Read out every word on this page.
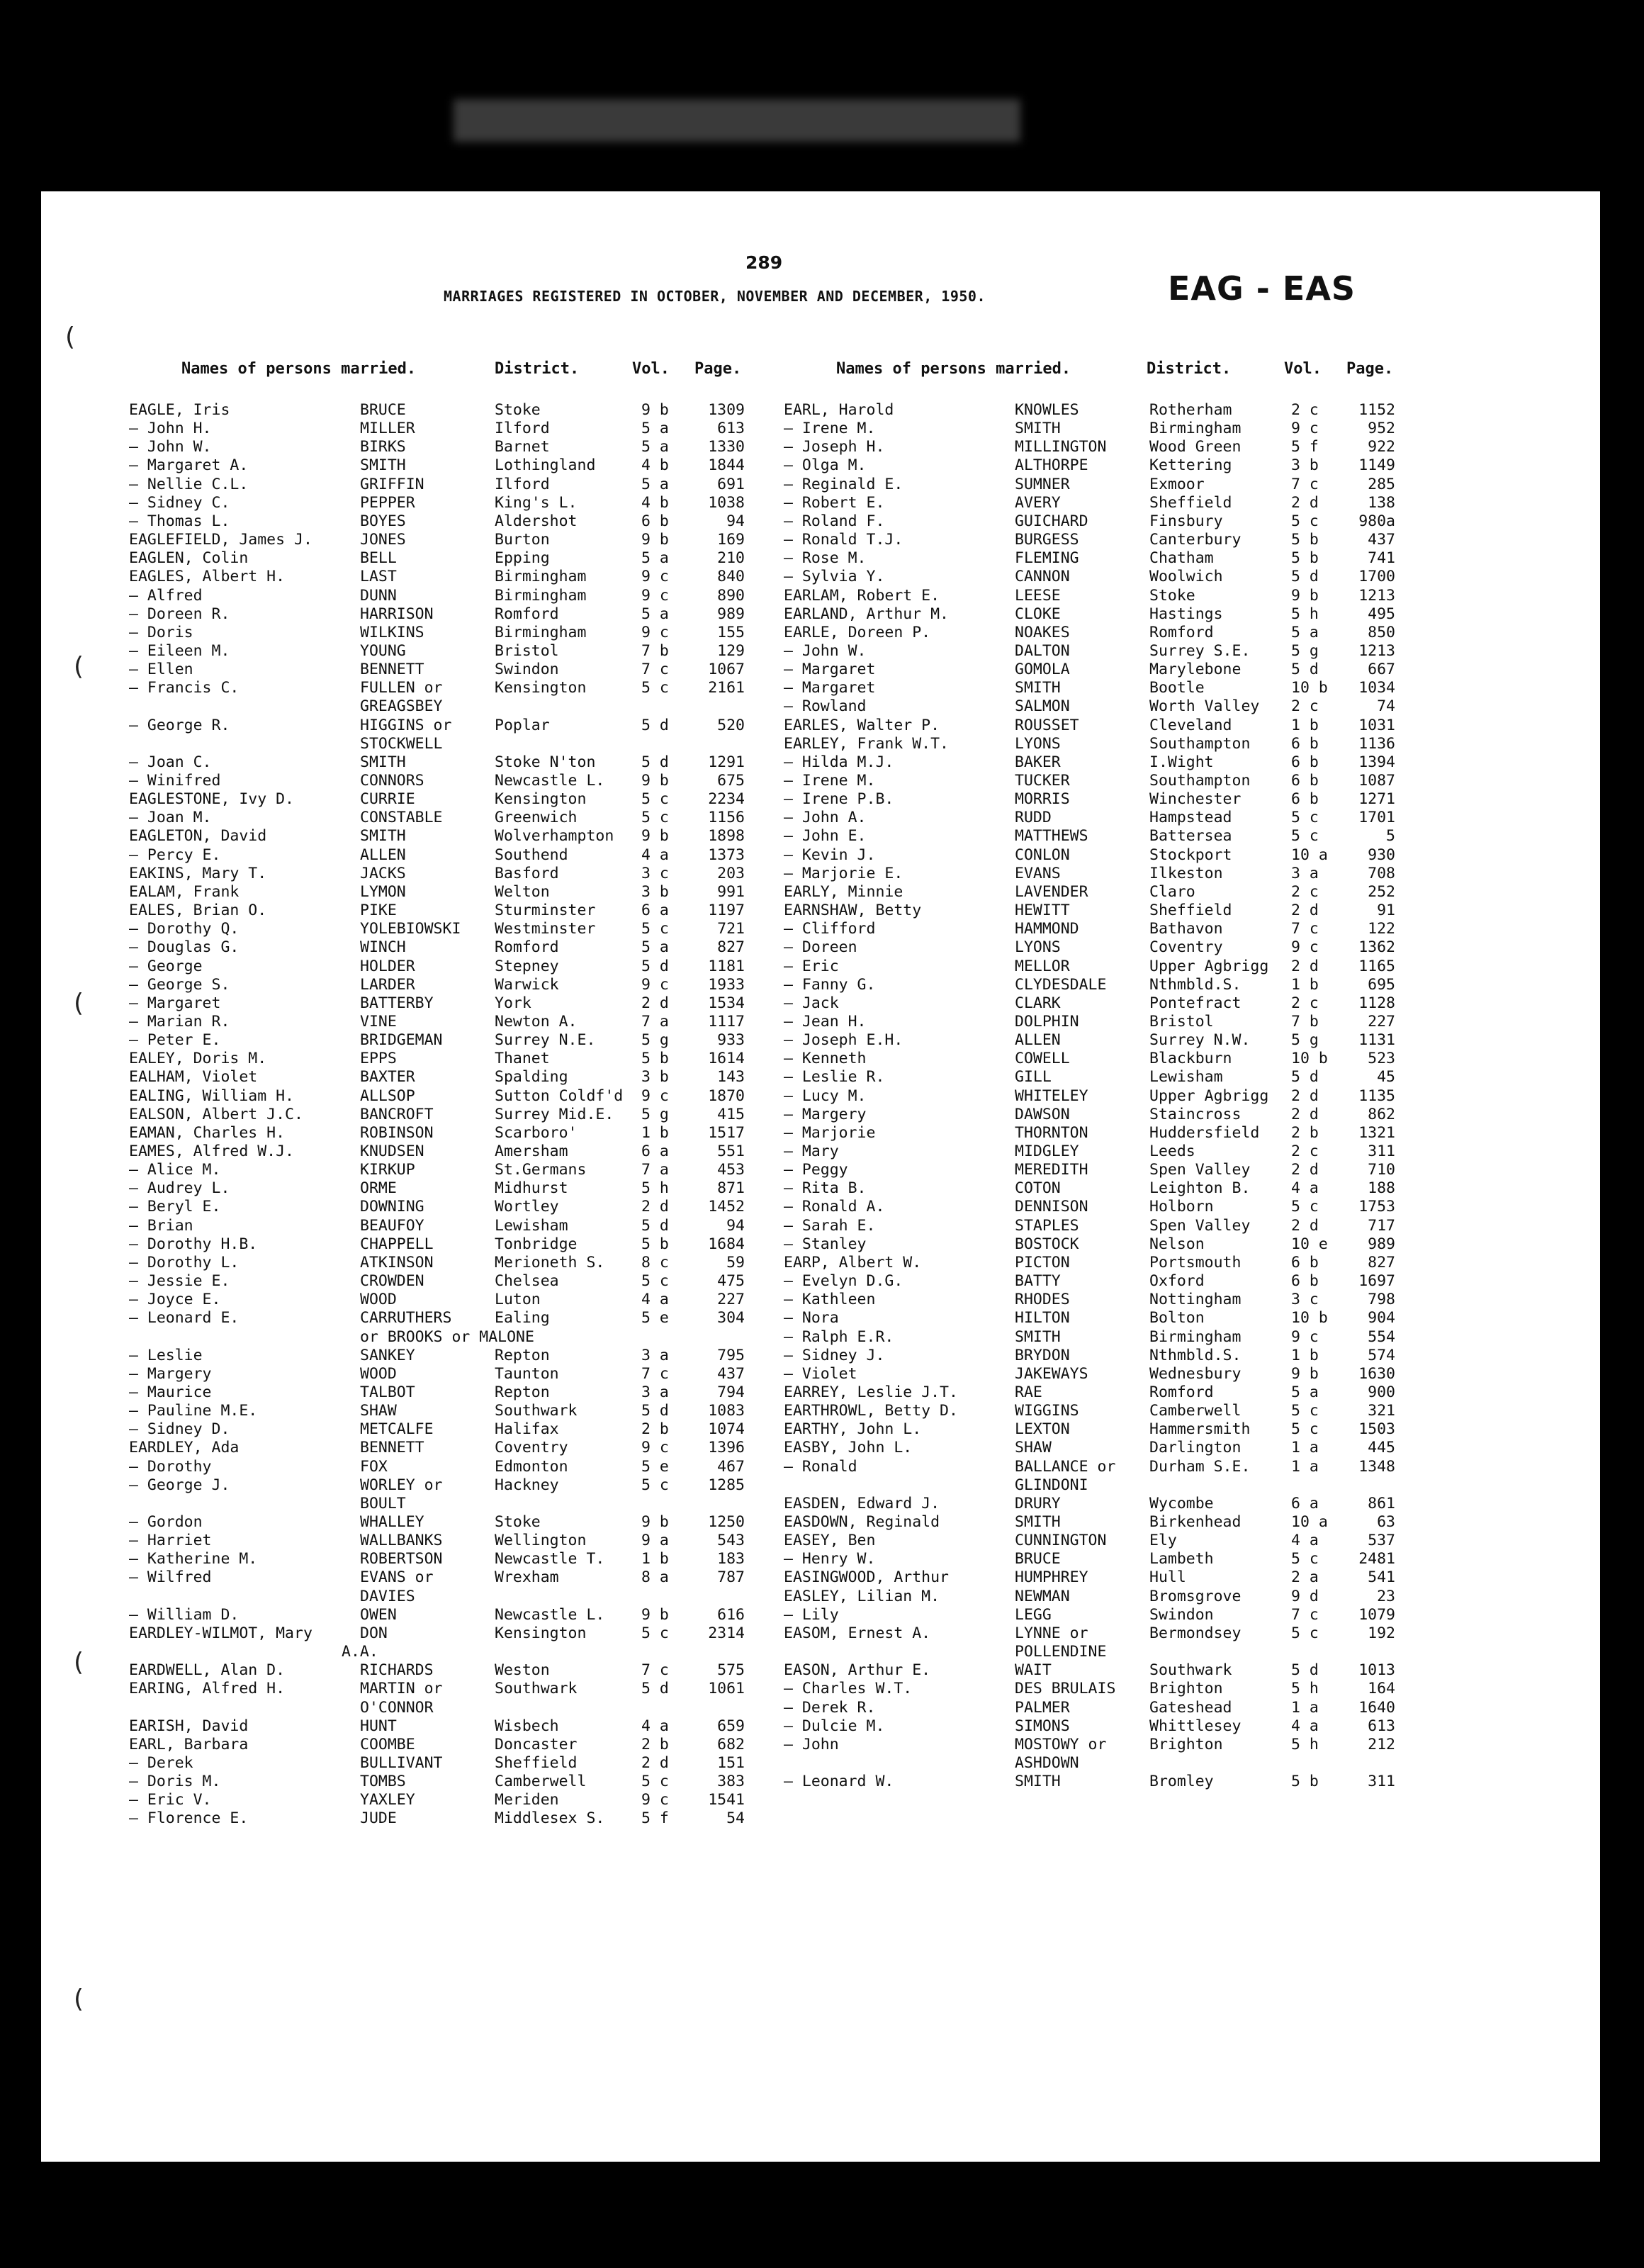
(
(
(
(
(
289
MARRIAGES REGISTERED IN OCTOBER, NOVEMBER AND DECEMBER, 1950.	EAG - EAS
Names of persons married.	District.	Vol. Page.	Names of persons married.	District.	Vol. Page.
EAGLE, Iris	BRUCE	Stoke	9 b	1309
— John H.	MILLER	Ilford	5 a	613
— John W.	BIRKS	Barnet	5 a	1330
— Margaret A.	SMITH	Lothingland	4 b	1844
— Nellie C.L.	GRIFFIN	Ilford	5 a	691
— Sidney C.	PEPPER	King's L.	4 b	1038
— Thomas L.	BOYES	Aldershot	6 b	94
EAGLEFIELD, James J.	JONES	Burton	9 b	169
EAGLEN, Colin	BELL	Epping	5 a	210
EAGLES, Albert H.	LAST	Birmingham	9 c	840
— Alfred	DUNN	Birmingham	9 c	890
— Doreen R.	HARRISON	Romford	5 a	989
— Doris	WILKINS	Birmingham	9 c	155
— Eileen M.	YOUNG	Bristol	7 b	129
— Ellen	BENNETT	Swindon	7 c	1067
— Francis C.	FULLEN or	Kensington	5 c	2161
GREAGSBEY
— George R.	HIGGINS or	Poplar	5 d	520
STOCKWELL
— Joan C.	SMITH	Stoke N'ton	5 d	1291
— Winifred	CONNORS	Newcastle L. 9 b	675
EAGLESTONE, Ivy D.	CURRIE	Kensington	5 c	2234
— Joan M.	CONSTABLE	Greenwich	5 c	1156
EAGLETON, David	SMITH	Wolverhampton 9 b	1898
— Percy E.	ALLEN	Southend	4 a	1373
EAKINS, Mary T.	JACKS	Basford	3 c	203
EALAM, Frank	LYMON	Welton	3 b	991
EALES, Brian O.	PIKE	Sturminster	6 a	1197
— Dorothy Q.	YOLEBIOWSKI Westminster	5 c	721
— Douglas G.	WINCH	Romford	5 a	827
— George	HOLDER	Stepney	5 d	1181
— George S.	LARDER	Warwick	9 c	1933
— Margaret	BATTERBY	York	2 d	1534
— Marian R.	VINE	Newton A.	7 a	1117
— Peter E.	BRIDGEMAN	Surrey N.E.	5 g	933
EALEY, Doris M.	EPPS	Thanet	5 b	1614
EALHAM, Violet	BAXTER	Spalding	3 b	143
EALING, William H.	ALLSOP	Sutton Coldf'd 9 c	1870
EALSON, Albert J.C.	BANCROFT	Surrey Mid.E. 5 g	415
EAMAN, Charles H.	ROBINSON	Scarboro'	1 b	1517
EAMES, Alfred W.J.	KNUDSEN	Amersham	6 a	551
— Alice M.	KIRKUP	St.Germans	7 a	453
— Audrey L.	ORME	Midhurst	5 h	871
— Beryl E.	DOWNING	Wortley	2 d	1452
— Brian	BEAUFOY	Lewisham	5 d	94
— Dorothy H.B.	CHAPPELL	Tonbridge	5 b	1684
— Dorothy L.	ATKINSON	Merioneth S. 8 c	59
— Jessie E.	CROWDEN	Chelsea	5 c	475
— Joyce E.	WOOD	Luton	4 a	227
— Leonard E.	CARRUTHERS	Ealing	5 e	304
or BROOKS or MALONE
— Leslie	SANKEY	Repton	3 a	795
— Margery	WOOD	Taunton	7 c	437
— Maurice	TALBOT	Repton	3 a	794
— Pauline M.E.	SHAW	Southwark	5 d	1083
— Sidney D.	METCALFE	Halifax	2 b	1074
EARDLEY, Ada	BENNETT	Coventry	9 c	1396
— Dorothy	FOX	Edmonton	5 e	467
— George J.	WORLEY or	Hackney	5 c	1285
BOULT
— Gordon	WHALLEY	Stoke	9 b	1250
— Harriet	WALLBANKS	Wellington	9 a	543
— Katherine M.	ROBERTSON	Newcastle T. 1 b	183
— Wilfred	EVANS or	Wrexham	8 a	787
DAVIES
— William D.	OWEN	Newcastle L. 9 b	616
EARDLEY-WILMOT, Mary	DON	Kensington	5 c	2314
A.A.
EARDWELL, Alan D.	RICHARDS	Weston	7 c	575
EARING, Alfred H.	MARTIN or	Southwark	5 d	1061
O'CONNOR
EARISH, David	HUNT	Wisbech	4 a	659
EARL, Barbara	COOMBE	Doncaster	2 b	682
— Derek	BULLIVANT	Sheffield	2 d	151
— Doris M.	TOMBS	Camberwell	5 c	383
— Eric V.	YAXLEY	Meriden	9 c	1541
— Florence E.	JUDE	Middlesex S. 5 f	54
EARL, Harold	KNOWLES	Rotherham	2 c	1152
— Irene M.	SMITH	Birmingham	9 c	952
— Joseph H.	MILLINGTON	Wood Green	5 f	922
— Olga M.	ALTHORPE	Kettering	3 b	1149
— Reginald E.	SUMNER	Exmoor	7 c	285
— Robert E.	AVERY	Sheffield	2 d	138
— Roland F.	GUICHARD	Finsbury	5 c	980a
— Ronald T.J.	BURGESS	Canterbury	5 b	437
— Rose M.	FLEMING	Chatham	5 b	741
— Sylvia Y.	CANNON	Woolwich	5 d	1700
EARLAM, Robert E.	LEESE	Stoke	9 b	1213
EARLAND, Arthur M.	CLOKE	Hastings	5 h	495
EARLE, Doreen P.	NOAKES	Romford	5 a	850
— John W.	DALTON	Surrey S.E.	5 g	1213
— Margaret	GOMOLA	Marylebone	5 d	667
— Margaret	SMITH	Bootle	10 b	1034
— Rowland	SALMON	Worth Valley 2 c	74
EARLES, Walter P.	ROUSSET	Cleveland	1 b	1031
EARLEY, Frank W.T.	LYONS	Southampton	6 b	1136
— Hilda M.J.	BAKER	I.Wight	6 b	1394
— Irene M.	TUCKER	Southampton	6 b	1087
— Irene P.B.	MORRIS	Winchester	6 b	1271
— John A.	RUDD	Hampstead	5 c	1701
— John E.	MATTHEWS	Battersea	5 c	5
— Kevin J.	CONLON	Stockport	10 a	930
— Marjorie E.	EVANS	Ilkeston	3 a	708
EARLY, Minnie	LAVENDER	Claro	2 c	252
EARNSHAW, Betty	HEWITT	Sheffield	2 d	91
— Clifford	HAMMOND	Bathavon	7 c	122
— Doreen	LYONS	Coventry	9 c	1362
— Eric	MELLOR	Upper Agbrigg 2 d	1165
— Fanny G.	CLYDESDALE	Nthmbld.S.	1 b	695
— Jack	CLARK	Pontefract	2 c	1128
— Jean H.	DOLPHIN	Bristol	7 b	227
— Joseph E.H.	ALLEN	Surrey N.W.	5 g	1131
— Kenneth	COWELL	Blackburn	10 b	523
— Leslie R.	GILL	Lewisham	5 d	45
— Lucy M.	WHITELEY	Upper Agbrigg 2 d	1135
— Margery	DAWSON	Staincross	2 d	862
— Marjorie	THORNTON	Huddersfield 2 b	1321
— Mary	MIDGLEY	Leeds	2 c	311
— Peggy	MEREDITH	Spen Valley	2 d	710
— Rita B.	COTON	Leighton B.	4 a	188
— Ronald A.	DENNISON	Holborn	5 c	1753
— Sarah E.	STAPLES	Spen Valley	2 d	717
— Stanley	BOSTOCK	Nelson	10 e	989
EARP, Albert W.	PICTON	Portsmouth	6 b	827
— Evelyn D.G.	BATTY	Oxford	6 b	1697
— Kathleen	RHODES	Nottingham	3 c	798
— Nora	HILTON	Bolton	10 b	904
— Ralph E.R.	SMITH	Birmingham	9 c	554
— Sidney J.	BRYDON	Nthmbld.S.	1 b	574
— Violet	JAKEWAYS	Wednesbury	9 b	1630
EARREY, Leslie J.T.	RAE	Romford	5 a	900
EARTHROWL, Betty D.	WIGGINS	Camberwell	5 c	321
EARTHY, John L.	LEXTON	Hammersmith	5 c	1503
EASBY, John L.	SHAW	Darlington	1 a	445
— Ronald	BALLANCE or Durham S.E.	1 a	1348
GLINDONI
EASDEN, Edward J.	DRURY	Wycombe	6 a	861
EASDOWN, Reginald	SMITH	Birkenhead	10 a	63
EASEY, Ben	CUNNINGTON	Ely	4 a	537
— Henry W.	BRUCE	Lambeth	5 c	2481
EASINGWOOD, Arthur	HUMPHREY	Hull	2 a	541
EASLEY, Lilian M.	NEWMAN	Bromsgrove	9 d	23
— Lily	LEGG	Swindon	7 c	1079
EASOM, Ernest A.	LYNNE or	Bermondsey	5 c	192
POLLENDINE
EASON, Arthur E.	WAIT	Southwark	5 d	1013
— Charles W.T.	DES BRULAIS Brighton	5 h	164
— Derek R.	PALMER	Gateshead	1 a	1640
— Dulcie M.	SIMONS	Whittlesey	4 a	613
— John	MOSTOWY or	Brighton	5 h	212
ASHDOWN
— Leonard W.	SMITH	Bromley	5 b	311
